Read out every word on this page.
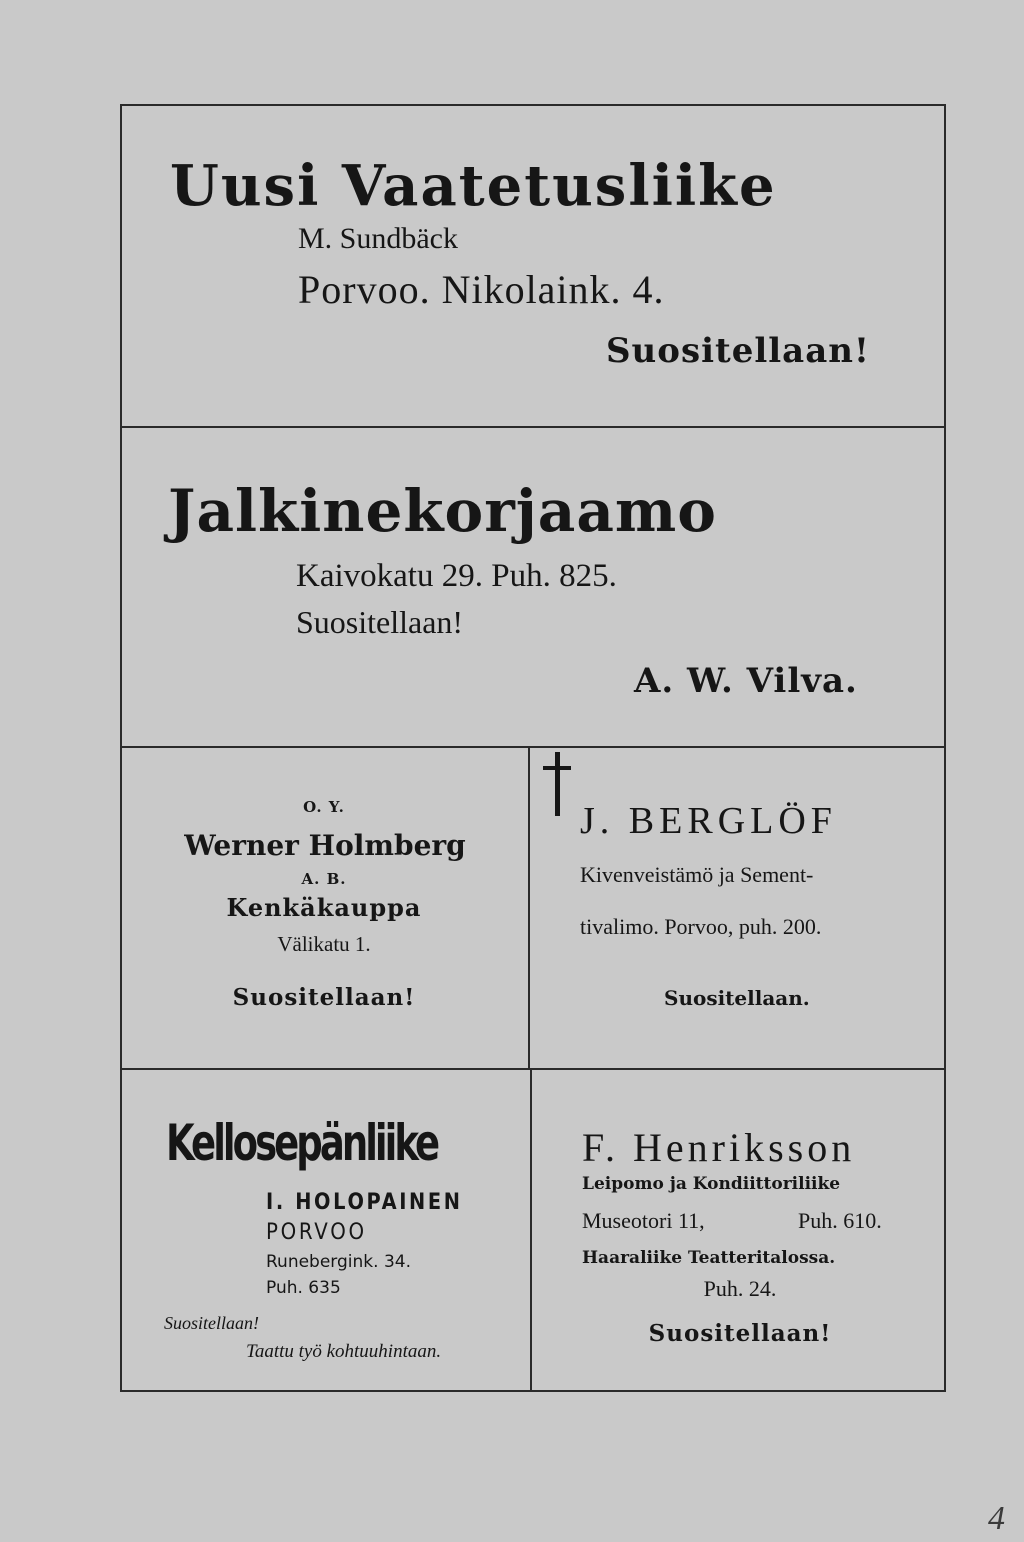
Uusi Vaatetusliike

M. Sundbäck

Porvoo. Nikolaink. 4.

Suositellaan!

Jalkinekorjaamo

Kaivokatu 29. Puh. 825.

Suositellaan!

A. W. Vilva.

O. Y.

Werner Holmberg

A. B.

Kenkäkauppa

Välikatu 1.

Suositellaan!

J. BERGLÖF

Kivenveistämö ja Sement-

tivalimo. Porvoo, puh. 200.

Suositellaan.

Kellosepänliike

I. HOLOPAINEN

PORVOO

Runebergink. 34.

Puh. 635

Suositellaan!

Taattu työ kohtuuhintaan.

F. Henriksson

Leipomo ja Kondiittoriliike

Museotori 11,	Puh. 610.

Haaraliike Teatteritalossa.

Puh. 24.

Suositellaan!

4
